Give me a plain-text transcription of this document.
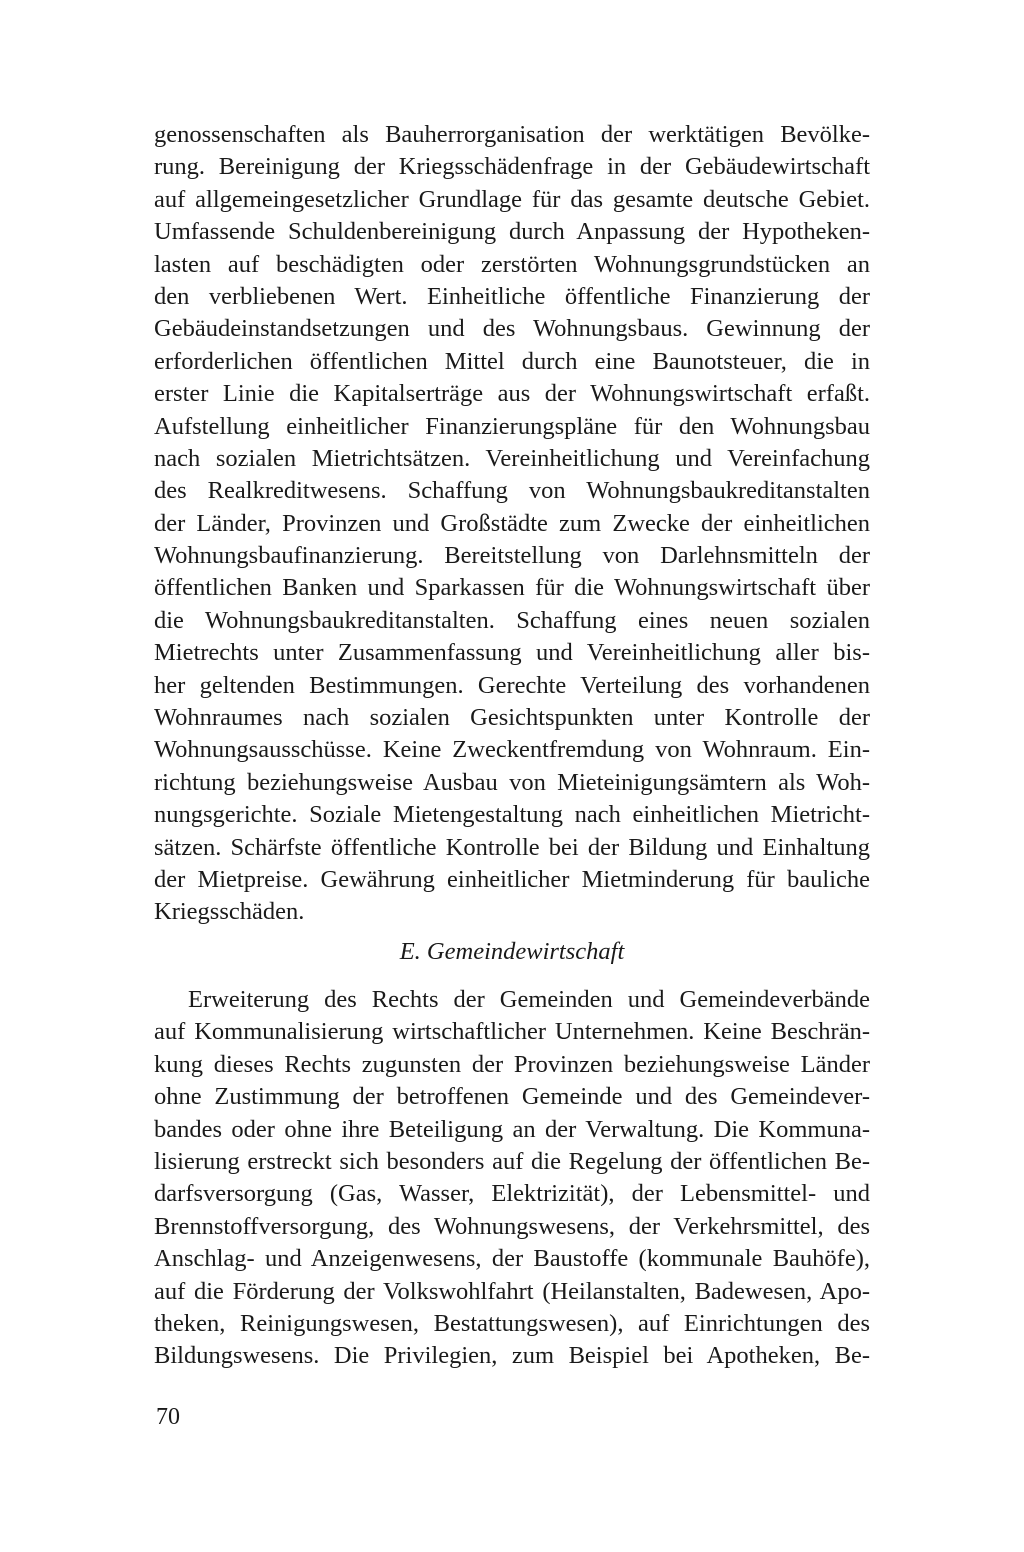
genossenschaften als Bauherrorganisation der werktätigen Bevölke-
rung. Bereinigung der Kriegsschädenfrage in der Gebäudewirtschaft
auf allgemeingesetzlicher Grundlage für das gesamte deutsche Gebiet.
Umfassende Schuldenbereinigung durch Anpassung der Hypotheken-
lasten auf beschädigten oder zerstörten Wohnungsgrundstücken an
den verbliebenen Wert. Einheitliche öffentliche Finanzierung der
Gebäudeinstandsetzungen und des Wohnungsbaus. Gewinnung der
erforderlichen öffentlichen Mittel durch eine Baunotsteuer, die in
erster Linie die Kapitalserträge aus der Wohnungswirtschaft erfaßt.
Aufstellung einheitlicher Finanzierungspläne für den Wohnungsbau
nach sozialen Mietrichtsätzen. Vereinheitlichung und Vereinfachung
des Realkreditwesens. Schaffung von Wohnungsbaukreditanstalten
der Länder, Provinzen und Großstädte zum Zwecke der einheitlichen
Wohnungsbaufinanzierung. Bereitstellung von Darlehnsmitteln der
öffentlichen Banken und Sparkassen für die Wohnungswirtschaft über
die Wohnungsbaukreditanstalten. Schaffung eines neuen sozialen
Mietrechts unter Zusammenfassung und Vereinheitlichung aller bis-
her geltenden Bestimmungen. Gerechte Verteilung des vorhandenen
Wohnraumes nach sozialen Gesichtspunkten unter Kontrolle der
Wohnungsausschüsse. Keine Zweckentfremdung von Wohnraum. Ein-
richtung beziehungsweise Ausbau von Mieteinigungsämtern als Woh-
nungsgerichte. Soziale Mietengestaltung nach einheitlichen Mietricht-
sätzen. Schärfste öffentliche Kontrolle bei der Bildung und Einhaltung
der Mietpreise. Gewährung einheitlicher Mietminderung für bauliche
Kriegsschäden.
E. Gemeindewirtschaft
Erweiterung des Rechts der Gemeinden und Gemeindeverbände
auf Kommunalisierung wirtschaftlicher Unternehmen. Keine Beschrän-
kung dieses Rechts zugunsten der Provinzen beziehungsweise Länder
ohne Zustimmung der betroffenen Gemeinde und des Gemeindever-
bandes oder ohne ihre Beteiligung an der Verwaltung. Die Kommuna-
lisierung erstreckt sich besonders auf die Regelung der öffentlichen Be-
darfsversorgung (Gas, Wasser, Elektrizität), der Lebensmittel- und
Brennstoffversorgung, des Wohnungswesens, der Verkehrsmittel, des
Anschlag- und Anzeigenwesens, der Baustoffe (kommunale Bauhöfe),
auf die Förderung der Volkswohlfahrt (Heilanstalten, Badewesen, Apo-
theken, Reinigungswesen, Bestattungswesen), auf Einrichtungen des
Bildungswesens. Die Privilegien, zum Beispiel bei Apotheken, Be-
70
